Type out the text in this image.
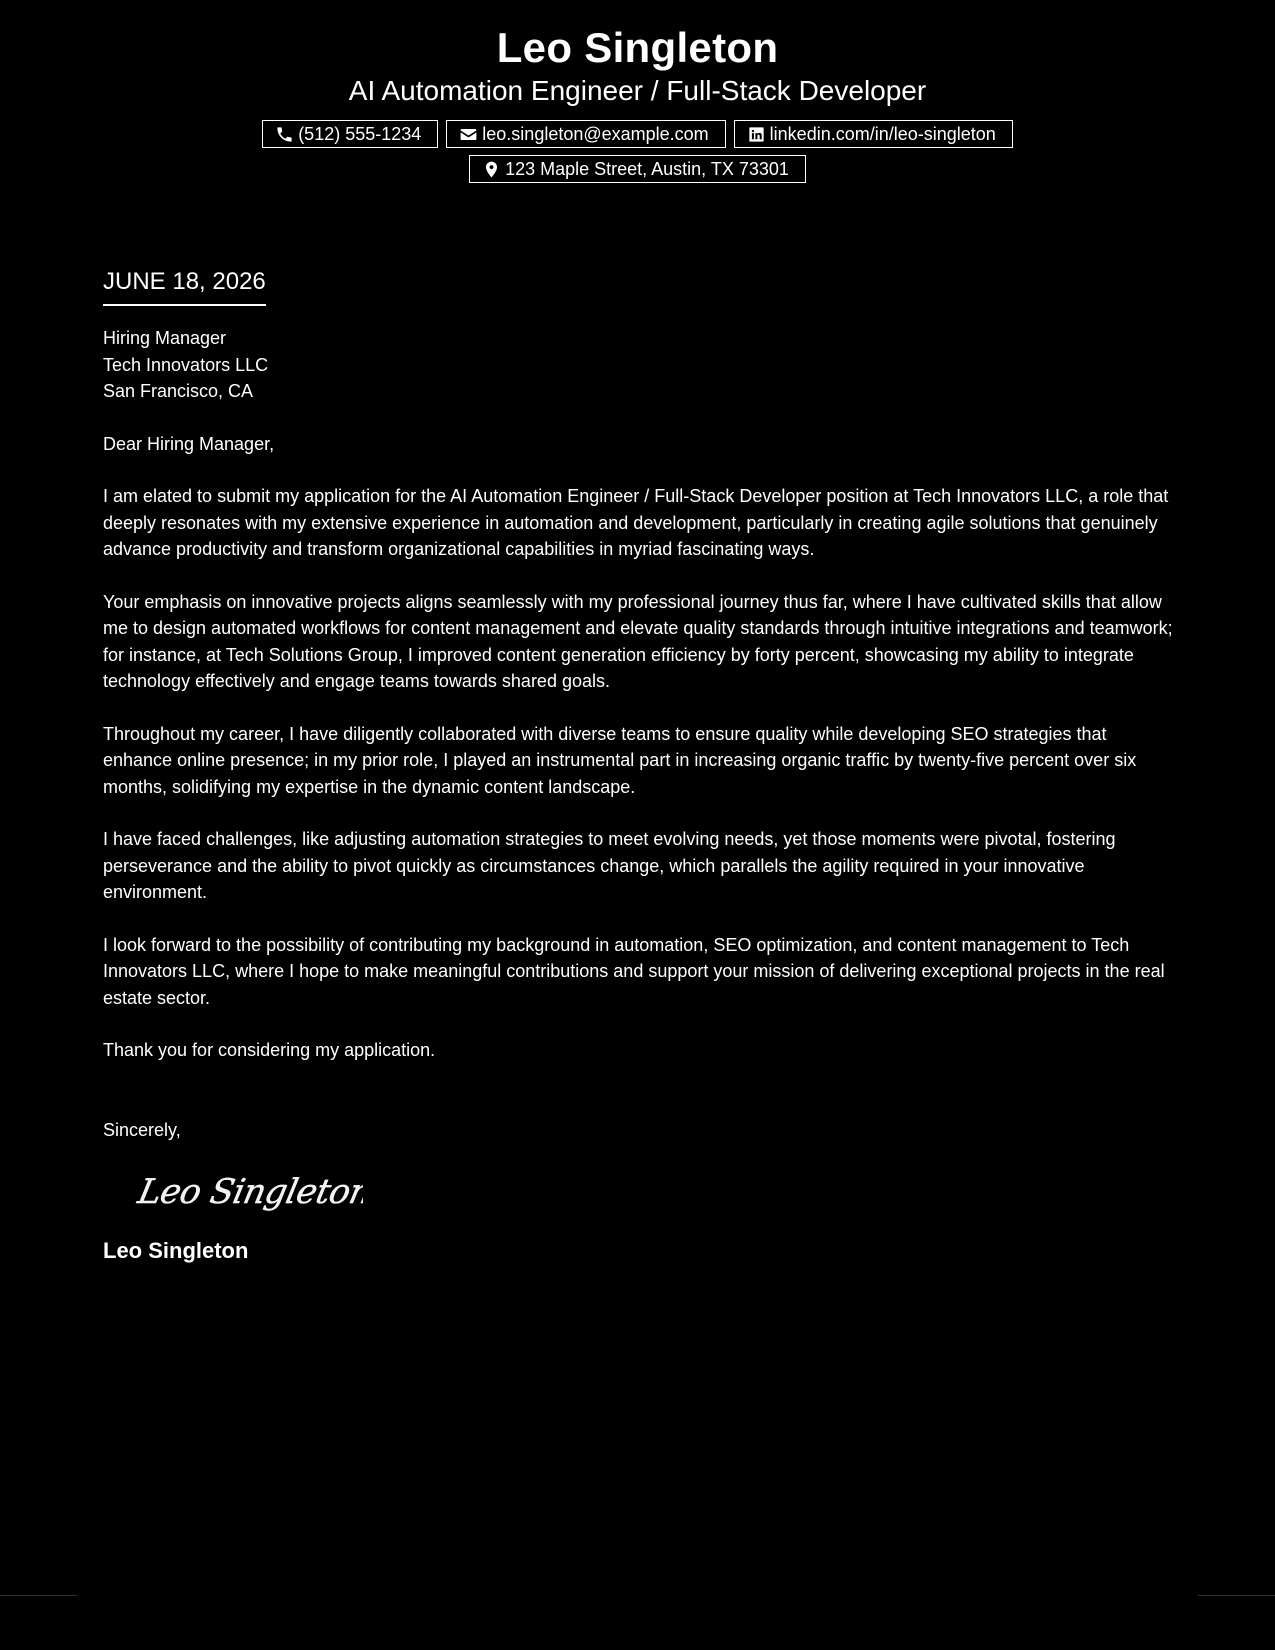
Leo Singleton
AI Automation Engineer / Full-Stack Developer
(512) 555-1234	leo.singleton@example.com	linkedin.com/in/leo-singleton
123 Maple Street, Austin, TX 73301
JUNE 18, 2026
Hiring Manager
Tech Innovators LLC
San Francisco, CA
Dear Hiring Manager,
I am elated to submit my application for the AI Automation Engineer / Full-Stack Developer position at Tech Innovators LLC, a role that deeply resonates with my extensive experience in automation and development, particularly in creating agile solutions that genuinely advance productivity and transform organizational capabilities in myriad fascinating ways.
Your emphasis on innovative projects aligns seamlessly with my professional journey thus far, where I have cultivated skills that allow me to design automated workflows for content management and elevate quality standards through intuitive integrations and teamwork; for instance, at Tech Solutions Group, I improved content generation efficiency by forty percent, showcasing my ability to integrate technology effectively and engage teams towards shared goals.
Throughout my career, I have diligently collaborated with diverse teams to ensure quality while developing SEO strategies that enhance online presence; in my prior role, I played an instrumental part in increasing organic traffic by twenty-five percent over six months, solidifying my expertise in the dynamic content landscape.
I have faced challenges, like adjusting automation strategies to meet evolving needs, yet those moments were pivotal, fostering perseverance and the ability to pivot quickly as circumstances change, which parallels the agility required in your innovative environment.
I look forward to the possibility of contributing my background in automation, SEO optimization, and content management to Tech Innovators LLC, where I hope to make meaningful contributions and support your mission of delivering exceptional projects in the real estate sector.
Thank you for considering my application.
Sincerely,
Leo Singleton
Leo Singleton
